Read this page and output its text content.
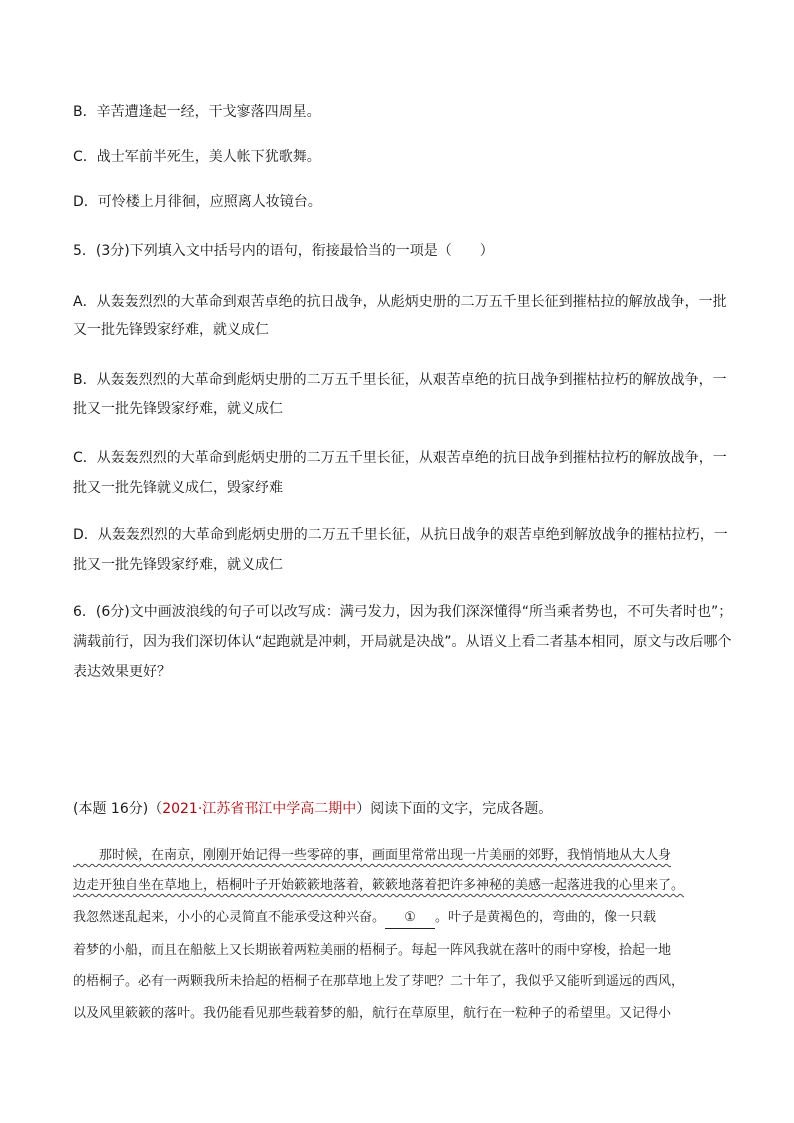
B．辛苦遭逢起一经，干戈寥落四周星。
C．战士军前半死生，美人帐下犹歌舞。
D．可怜楼上月徘徊，应照离人妆镜台。
5．(3分)下列填入文中括号内的语句，衔接最恰当的一项是（　　）
A．从轰轰烈烈的大革命到艰苦卓绝的抗日战争，从彪炳史册的二万五千里长征到摧枯拉的解放战争，一批
又一批先锋毁家纾难，就义成仁
B．从轰轰烈烈的大革命到彪炳史册的二万五千里长征，从艰苦卓绝的抗日战争到摧枯拉朽的解放战争，一
批又一批先锋毁家纾难，就义成仁
C．从轰轰烈烈的大革命到彪炳史册的二万五千里长征，从艰苦卓绝的抗日战争到摧枯拉朽的解放战争，一
批又一批先锋就义成仁，毁家纾难
D．从轰轰烈烈的大革命到彪炳史册的二万五千里长征，从抗日战争的艰苦卓绝到解放战争的摧枯拉朽，一
批又一批先锋毁家纾难，就义成仁
6．(6分)文中画波浪线的句子可以改写成：满弓发力，因为我们深深懂得“所当乘者势也，不可失者时也”；
满载前行，因为我们深切体认“起跑就是冲刺，开局就是决战”。从语义上看二者基本相同，原文与改后哪个
表达效果更好？
(本题 16分)（2021·江苏省邗江中学高二期中）阅读下面的文字，完成各题。
　　那时候，在南京，刚刚开始记得一些零碎的事，画面里常常出现一片美丽的郊野，我悄悄地从大人身
边走开独自坐在草地上，梧桐叶子开始簌簌地落着，簌簌地落着把许多神秘的美感一起落进我的心里来了。
我忽然迷乱起来，小小的心灵简直不能承受这种兴奋。 ① 。叶子是黄褐色的，弯曲的，像一只载
着梦的小船，而且在船舷上又长期嵌着两粒美丽的梧桐子。每起一阵风我就在落叶的雨中穿梭，拾起一地
的梧桐子。必有一两颗我所未拾起的梧桐子在那草地上发了芽吧？二十年了，我似乎又能听到遥远的西风，
以及风里簌簌的落叶。我仍能看见那些载着梦的船，航行在草原里，航行在一粒种子的希望里。又记得小
